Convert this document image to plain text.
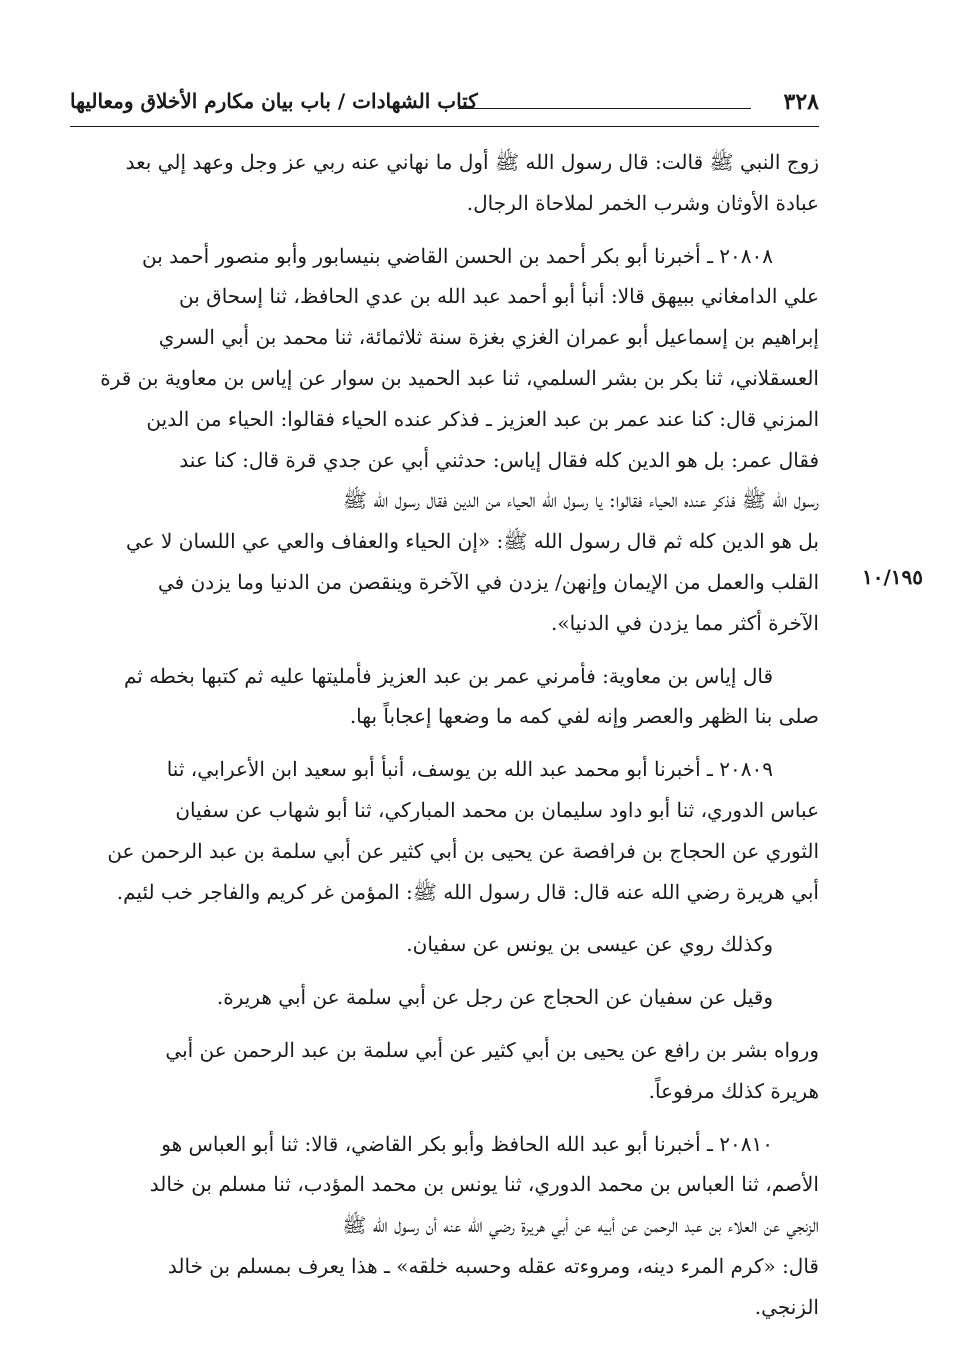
٣٢٨
كتاب الشهادات / باب بيان مكارم الأخلاق ومعاليها
١٠/١٩٥

زوج النبي ﷺ قالت: قال رسول الله ﷺ أول ما نهاني عنه ربي عز وجل وعهد إلي بعد
عبادة الأوثان وشرب الخمر لملاحاة الرجال.

٢٠٨٠٨ ـ أخبرنا أبو بكر أحمد بن الحسن القاضي بنيسابور وأبو منصور أحمد بن
علي الدامغاني ببيهق قالا: أنبأ أبو أحمد عبد الله بن عدي الحافظ، ثنا إسحاق بن
إبراهيم بن إسماعيل أبو عمران الغزي بغزة سنة ثلاثمائة، ثنا محمد بن أبي السري
العسقلاني، ثنا بكر بن بشر السلمي، ثنا عبد الحميد بن سوار عن إياس بن معاوية بن قرة
المزني قال: كنا عند عمر بن عبد العزيز ـ فذكر عنده الحياء فقالوا: الحياء من الدين
فقال عمر: بل هو الدين كله فقال إياس: حدثني أبي عن جدي قرة قال: كنا عند
رسول الله ﷺ فذكر عنده الحياء فقالوا: يا رسول الله الحياء من الدين فقال رسول الله ﷺ
بل هو الدين كله ثم قال رسول الله ﷺ: «إن الحياء والعفاف والعي عي اللسان لا عي
القلب والعمل من الإيمان وإنهن/ يزدن في الآخرة وينقصن من الدنيا وما يزدن في
الآخرة أكثر مما يزدن في الدنيا».

قال إياس بن معاوية: فأمرني عمر بن عبد العزيز فأمليتها عليه ثم كتبها بخطه ثم
صلى بنا الظهر والعصر وإنه لفي كمه ما وضعها إعجاباً بها.

٢٠٨٠٩ ـ أخبرنا أبو محمد عبد الله بن يوسف، أنبأ أبو سعيد ابن الأعرابي، ثنا
عباس الدوري، ثنا أبو داود سليمان بن محمد المباركي، ثنا أبو شهاب عن سفيان
الثوري عن الحجاج بن فرافصة عن يحيى بن أبي كثير عن أبي سلمة بن عبد الرحمن عن
أبي هريرة رضي الله عنه قال: قال رسول الله ﷺ: المؤمن غر كريم والفاجر خب لئيم.

وكذلك روي عن عيسى بن يونس عن سفيان.

وقيل عن سفيان عن الحجاج عن رجل عن أبي سلمة عن أبي هريرة.

ورواه بشر بن رافع عن يحيى بن أبي كثير عن أبي سلمة بن عبد الرحمن عن أبي
هريرة كذلك مرفوعاً.

٢٠٨١٠ ـ أخبرنا أبو عبد الله الحافظ وأبو بكر القاضي، قالا: ثنا أبو العباس هو
الأصم، ثنا العباس بن محمد الدوري، ثنا يونس بن محمد المؤدب، ثنا مسلم بن خالد
الزنجي عن العلاء بن عبد الرحمن عن أبيه عن أبي هريرة رضي الله عنه أن رسول الله ﷺ
قال: «كرم المرء دينه، ومروءته عقله وحسبه خلقه» ـ هذا يعرف بمسلم بن خالد
الزنجي.
